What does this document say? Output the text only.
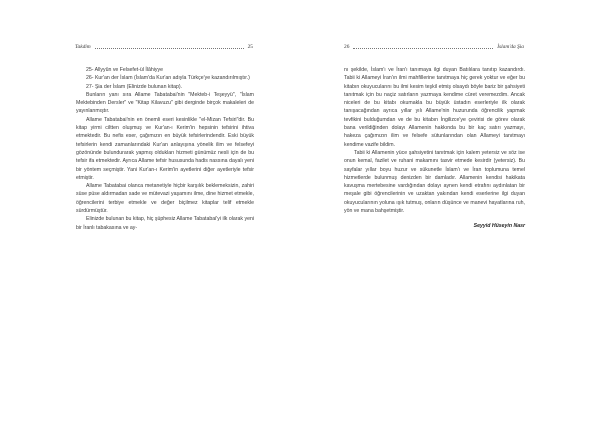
Takdim	25

25- Allyyûn ve Felsefet-ül İlâhiyye

26- Kur'an der İslam (İslam'da Kur'an adıyla Türkçe'ye kazandırılmıştır.)

27- Şia der İslam (Elinizde bulunan kitap).

Bunların yanı sıra Allame Tabatabai'nin "Mekteb-i Teşeyyü", "İslam Mektebinden Dersler" ve "Kitap Kilavuzu" gibi derginde birçok makaleleri de yayınlanmıştır.

Allame Tabatabai'nin en önemli eseri kesinlikle "el-Mizan Tefsiri"dir. Bu kitap yirmi ciltten oluşmuş ve Kur'an-ı Kerim'in hepsinin tefsirini ihtiva etmektedir. Bu nefis eser, çağımızın en büyük tefsirlerindendir. Eski büyük tefsirlerin kendi zamanlarındaki Kur'an anlayışına yönelik ilim ve felsefeyi gözönünde bulundurarak yapmış oldukları hizmeti günümüz nesli için de bu tefsir ifa etmektedir. Ayrıca Allame tefsir hususunda hadis nassına dayalı yeni bir yöntem seçmiştir. Yani Kur'an-ı Kerim'in ayetlerini diğer ayetleriyle tefsir etmiştir.

Allame Tabatabai olanca metanetiyle hiçbir karşılık beklemeksizin, zahiri süse püse aldırmadan sade ve mütevazi yaşamını ilme, dine hizmet etmekle, öğrencilerini terbiye etmekle ve değer biçilmez kitaplar telif etmekle sürdürmüştür.

Elinizde bulunan bu kitap, hiç şüphesiz Allame Tabatabai'yi ilk olarak yeni bir İranlı tabakasına ve ay-

26	İslam'da Şia

nı şekilde, İslam'ı ve İran'ı tanımaya ilgi duyan Batılılara tanıtıp kazandırdı. Tabii ki Allameyi İran'ın ilmi mahfillerine tanıtmaya hiç gerek yoktur ve eğer bu kitabın okuyucularını bu ilmi kesim teşkil etmiş olsaydı böyle bariz bir şahsiyeti tanıtmak için bu naçiz satırların yazmaya kendime cüret veremezdim. Ancak niceleri de bu kitabı okumakla bu büyük üstadın eserleriyle ilk olarak tanışacağından ayrıca yıllar yılı Allame'nin huzurunda öğrencilik yapmak tevfikini bulduğumdan ve de bu kitabın İngilizce'ye çevirisi de görev olarak bana verildiğinden dolayı Allamenin hakkında bu bir kaç satırı yazmayı, hakeza çağımızın ilim ve felsefe sütunlarından olan Allameyi tanıtmayı kendime vazife bildim.

Tabii ki Allamenin yüce şahsiyetini tanıtmak için kalem yetersiz ve söz ise onun kemal, fazilet ve ruhani makamını tasvir etmede kesirdir (yetersiz). Bu sayfalar yıllar boyu huzur ve sükunetle İslam'ı ve İran toplumuna temel hizmetlerde bulunmuş denizden bir damladır. Allamenin kendisi hakikata kavuşma mertebesine vardığından dolayı aynen kendi etrafını aydınlatan bir meşale gibi öğrencilerinin ve uzaktan yakından kendi eserlerine ilgi duyan okuyucularının yoluna ışık tutmuş, onların düşünce ve manevi hayatlarına ruh, yön ve mana bahşetmiştir.

Seyyid Hüseyin Nasr
